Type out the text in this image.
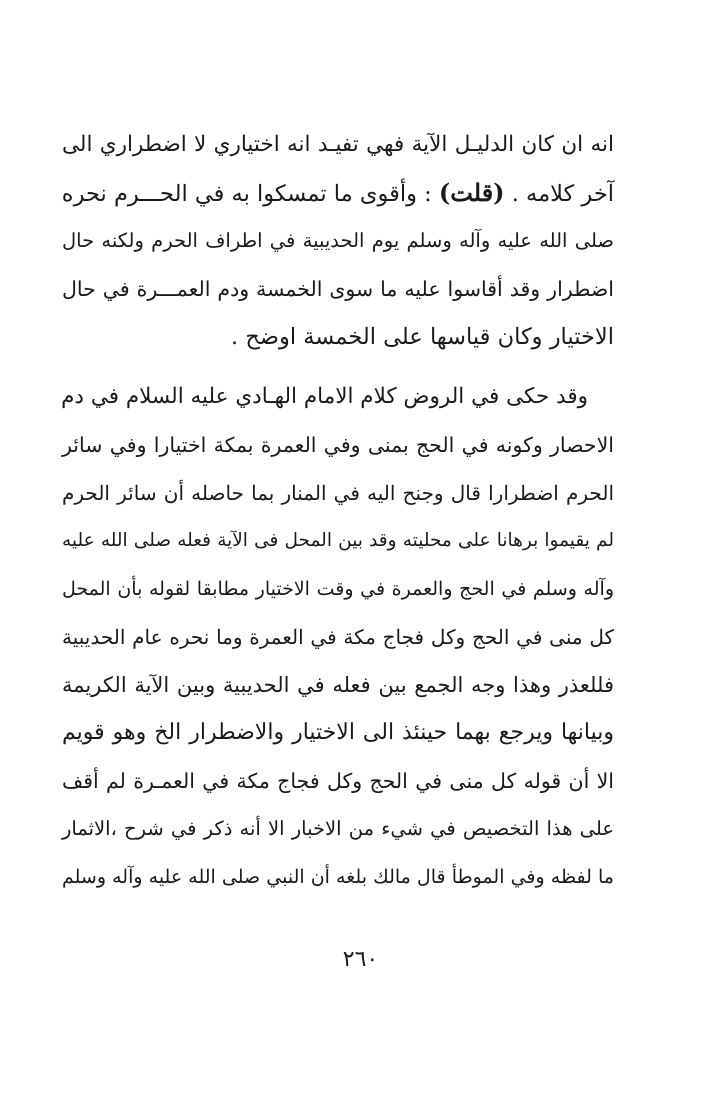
انه ان كان الدليـل الآية فهي تفيـد انه اختياري لا اضطراري الى
آخر كلامه . (قلت) : وأقوى ما تمسكوا به في الحـــرم نحره
صلى الله عليه وآله وسلم يوم الحديبية في اطراف الحرم ولكنه حال
اضطرار وقد أقاسوا عليه ما سوى الخمسة ودم العمـــرة في حال
الاختيار وكان قياسها على الخمسة اوضح .
وقد حكى في الروض كلام الامام الهـادي عليه السلام في دم
الاحصار وكونه في الحج بمنى وفي العمرة بمكة اختيارا وفي سائر
الحرم اضطرارا قال وجنح اليه في المنار بما حاصله أن سائر الحرم
لم يقيموا برهانا على محليته وقد بين المحل فى الآية فعله صلى الله عليه
وآله وسلم في الحج والعمرة في وقت الاختيار مطابقا لقوله بأن المحل
كل منى في الحج وكل فجاج مكة في العمرة وما نحره عام الحديبية
فللعذر وهذا وجه الجمع بين فعله في الحديبية وبين الآية الكريمة
وبيانها ويرجع بهما حينئذ الى الاختيار والاضطرار الخ وهو قويم
الا أن قوله كل منى في الحج وكل فجاج مكة في العمـرة لم أقف
على هذا التخصيص في شيء من الاخبار الا أنه ذكر في شرح ،الاثمار
ما لفظه وفي الموطأ قال مالك بلغه أن النبي صلى الله عليه وآله وسلم
٢٦٠
